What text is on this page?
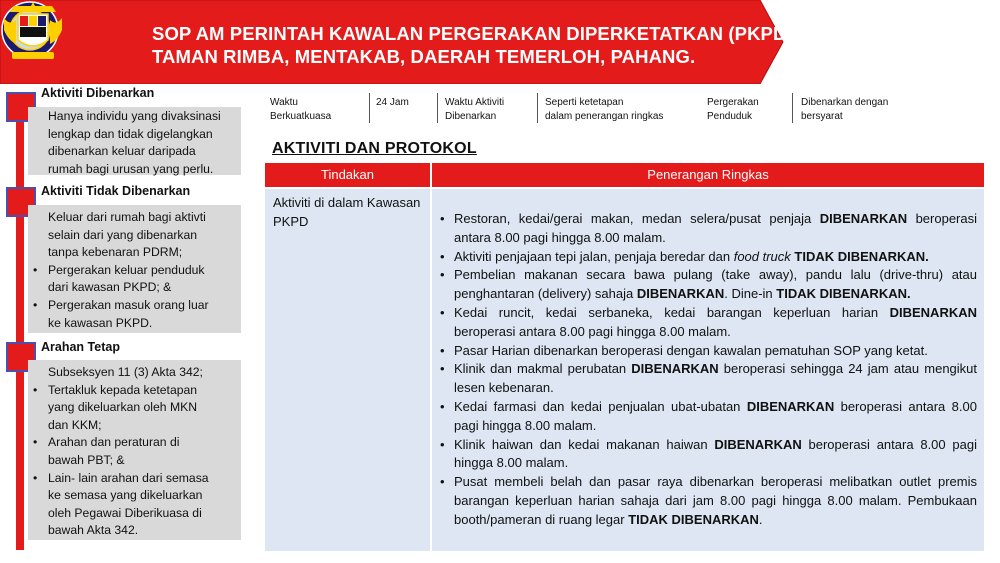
SOP AM PERINTAH KAWALAN PERGERAKAN DIPERKETATKAN (PKPD)
TAMAN RIMBA, MENTAKAB, DAERAH TEMERLOH, PAHANG.
Aktiviti Dibenarkan

Hanya individu yang divaksinasi

lengkap dan tidak digelangkan

dibenarkan keluar daripada

rumah bagi urusan yang perlu.

Aktiviti Tidak Dibenarkan

Keluar dari rumah bagi aktivti

selain dari yang dibenarkan

tanpa kebenaran PDRM;

• Pergerakan keluar penduduk
dari kawasan PKPD; &
• Pergerakan masuk orang luar
ke kawasan PKPD.
Arahan Tetap

Subseksyen 11 (3) Akta 342;

• Tertakluk kepada ketetapan
yang dikeluarkan oleh MKN
dan KKM;
• Arahan dan peraturan di
bawah PBT; &
• Lain- lain arahan dari semasa
ke semasa yang dikeluarkan
oleh Pegawai Diberikuasa di
bawah Akta 342.
Waktu
Berkuatkuasa
24 Jam	Waktu Aktiviti
Dibenarkan
Seperti ketetapan
dalam penerangan ringkas
Pergerakan
Penduduk
Dibenarkan dengan
bersyarat
AKTIVITI DAN PROTOKOL
Tindakan	Penerangan Ringkas
Aktiviti di dalam Kawasan PKPD
•	Restoran, kedai/gerai makan, medan selera/pusat penjaja DIBENARKAN beroperasi antara 8.00 pagi hingga 8.00 malam.
• Aktiviti penjajaan tepi jalan, penjaja beredar dan food truck TIDAK DIBENARKAN.
• Pembelian makanan secara bawa pulang (take away), pandu lalu (drive-thru) atau penghantaran (delivery) sahaja DIBENARKAN. Dine-in TIDAK DIBENARKAN.
• Kedai runcit, kedai serbaneka, kedai barangan keperluan harian DIBENARKAN beroperasi antara 8.00 pagi hingga 8.00 malam.
• Pasar Harian dibenarkan beroperasi dengan kawalan pematuhan SOP yang ketat.
• Klinik dan makmal perubatan DIBENARKAN beroperasi sehingga 24 jam atau mengikut lesen kebenaran.
• Kedai farmasi dan kedai penjualan ubat-ubatan DIBENARKAN beroperasi antara 8.00 pagi hingga 8.00 malam.
• Klinik haiwan dan kedai makanan haiwan DIBENARKAN beroperasi antara 8.00 pagi hingga 8.00 malam.
• Pusat membeli belah dan pasar raya dibenarkan beroperasi melibatkan outlet premis barangan keperluan harian sahaja dari jam 8.00 pagi hingga 8.00 malam. Pembukaan booth/pameran di ruang legar TIDAK DIBENARKAN.
